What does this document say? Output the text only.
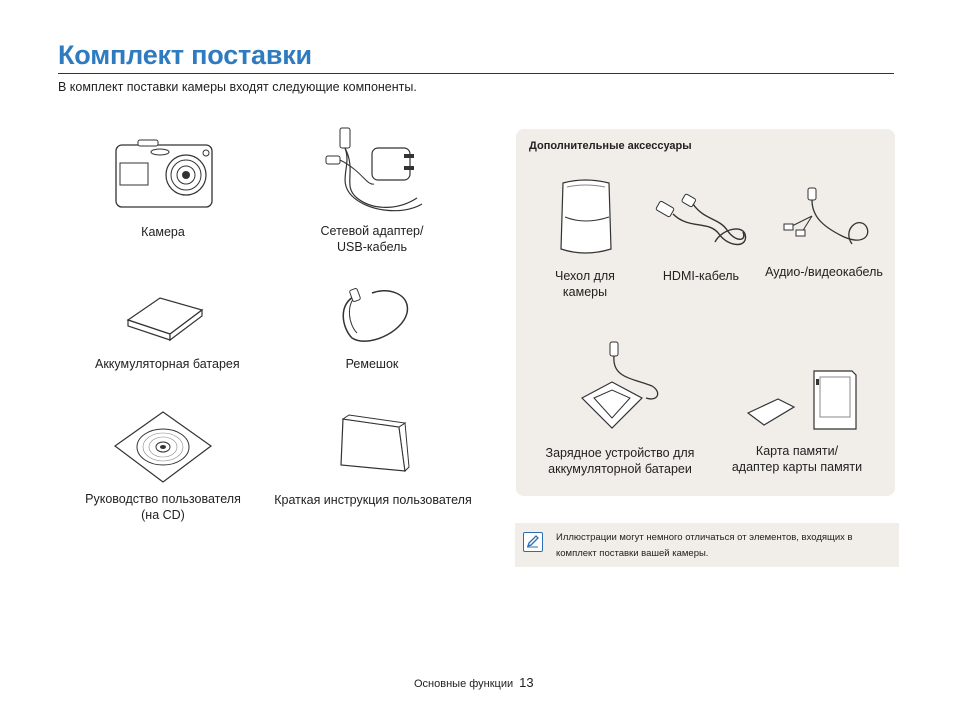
Комплект поставки
В комплект поставки камеры входят следующие компоненты.
Камера	Сетевой адаптер/
USB-кабель
Аккумуляторная батарея	Ремешок
Руководство пользователя
(на CD)
Краткая инструкция пользователя
Дополнительные аксессуары
Чехол для
камеры
HDMI-кабель	Аудио-/видеокабель
Зарядное устройство для
аккумуляторной батареи
Карта памяти/
адаптер карты памяти
Иллюстрации могут немного отличаться от элементов, входящих в комплект поставки вашей камеры.
Основные функции 13
